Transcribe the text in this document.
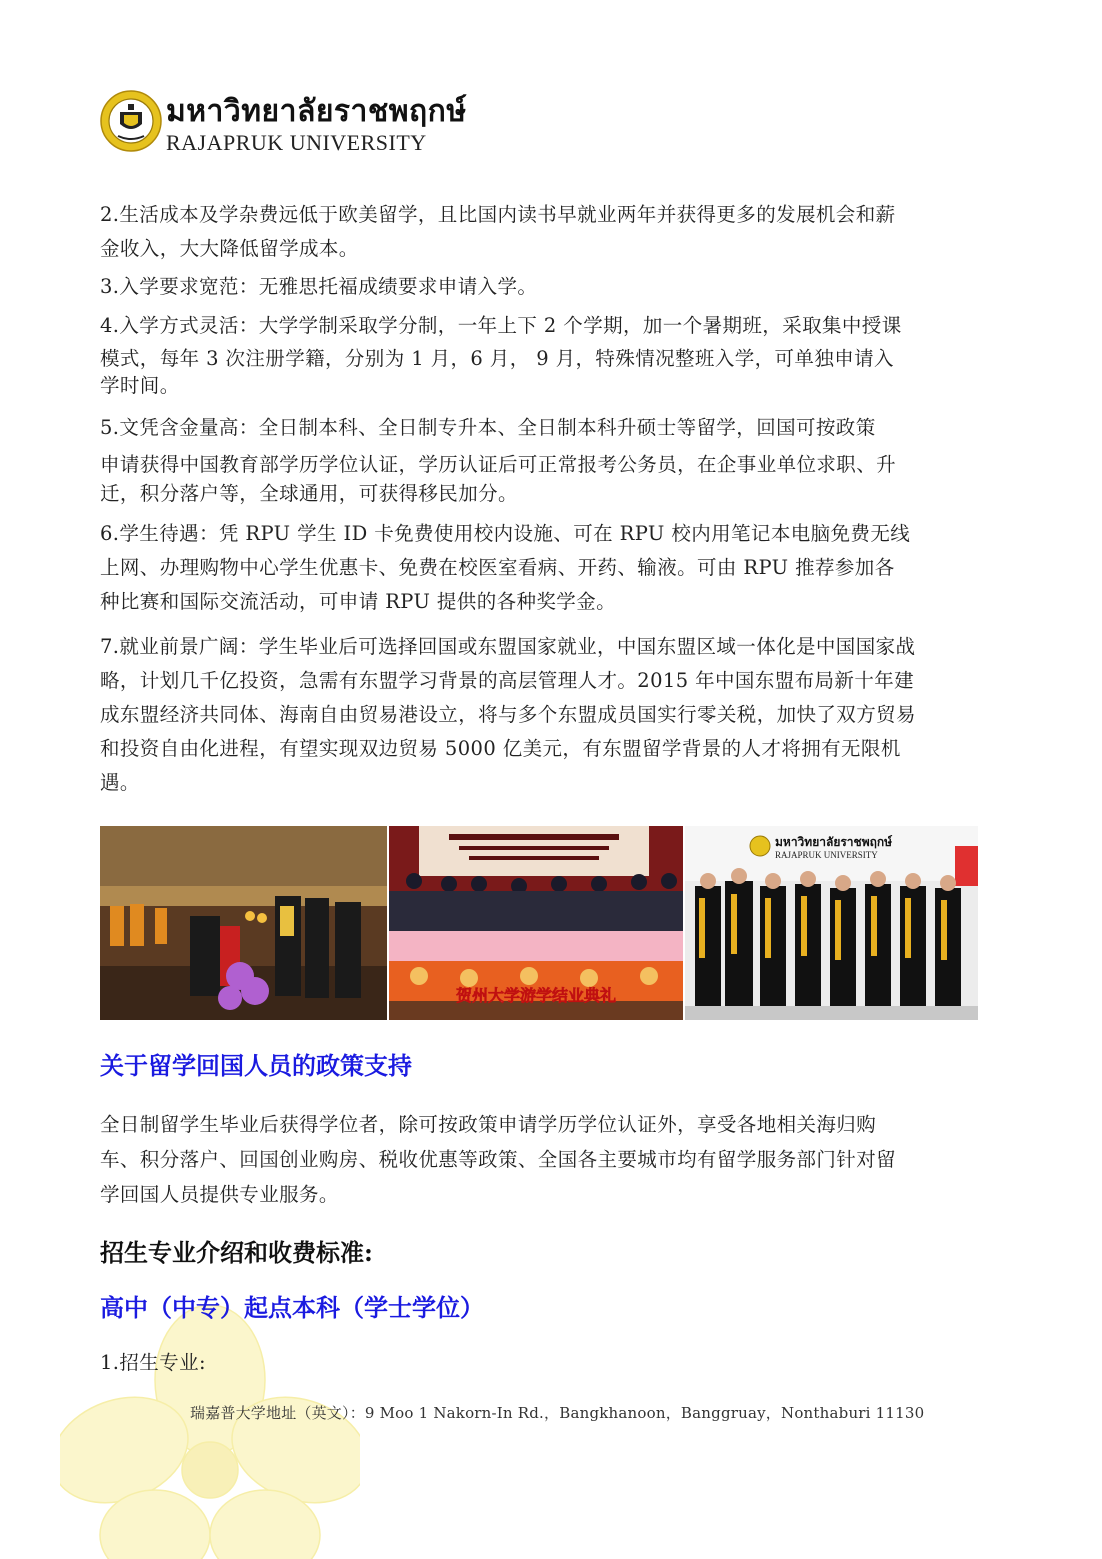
มหาวิทยาลัยราชพฤกษ์
RAJAPRUK UNIVERSITY
2.生活成本及学杂费远低于欧美留学，且比国内读书早就业两年并获得更多的发展机会和薪
金收入，大大降低留学成本。
3.入学要求宽范：无雅思托福成绩要求申请入学。
4.入学方式灵活：大学学制采取学分制，一年上下 2 个学期，加一个暑期班，采取集中授课
模式，每年 3 次注册学籍，分别为 1 月，6 月， 9 月，特殊情况整班入学，可单独申请入
学时间。
5.文凭含金量高：全日制本科、全日制专升本、全日制本科升硕士等留学，回国可按政策
申请获得中国教育部学历学位认证，学历认证后可正常报考公务员，在企事业单位求职、升
迁，积分落户等，全球通用，可获得移民加分。
6.学生待遇：凭 RPU 学生 ID 卡免费使用校内设施、可在 RPU 校内用笔记本电脑免费无线
上网、办理购物中心学生优惠卡、免费在校医室看病、开药、输液。可由 RPU 推荐参加各
种比赛和国际交流活动，可申请 RPU 提供的各种奖学金。
7.就业前景广阔：学生毕业后可选择回国或东盟国家就业，中国东盟区域一体化是中国国家战
略，计划几千亿投资，急需有东盟学习背景的高层管理人才。2015 年中国东盟布局新十年建
成东盟经济共同体、海南自由贸易港设立，将与多个东盟成员国实行零关税，加快了双方贸易
和投资自由化进程，有望实现双边贸易 5000 亿美元，有东盟留学背景的人才将拥有无限机
遇。
贺州大学游学结业典礼
มหาวิทยาลัยราชพฤกษ์
RAJAPRUK UNIVERSITY
关于留学回国人员的政策支持
全日制留学生毕业后获得学位者，除可按政策申请学历学位认证外，享受各地相关海归购
车、积分落户、回国创业购房、税收优惠等政策、全国各主要城市均有留学服务部门针对留
学回国人员提供专业服务。
招生专业介绍和收费标准:
高中（中专）起点本科（学士学位）
1.招生专业:
瑞嘉普大学地址（英文）：9 Moo 1 Nakorn-In Rd.，Bangkhanoon，Banggruay，Nonthaburi 11130
